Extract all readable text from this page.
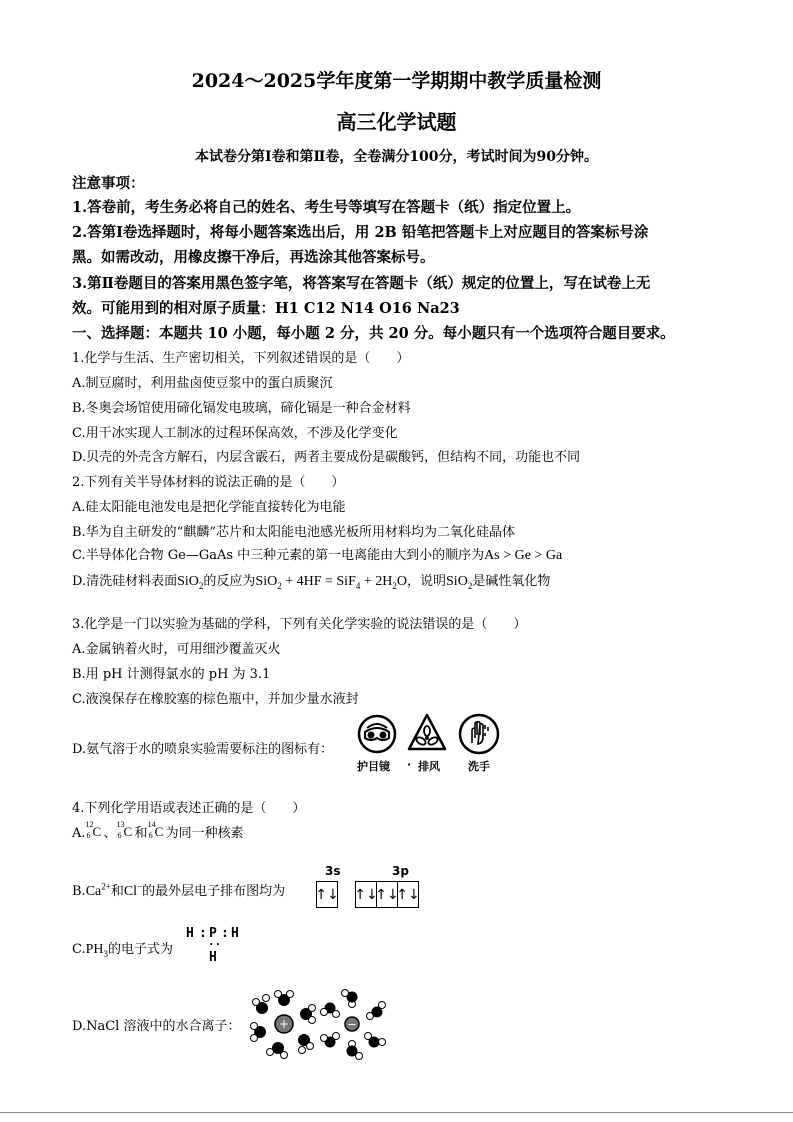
2024～2025学年度第一学期期中教学质量检测
高三化学试题
本试卷分第Ⅰ卷和第Ⅱ卷，全卷满分100分，考试时间为90分钟。
注意事项：
1.答卷前，考生务必将自己的姓名、考生号等填写在答题卡（纸）指定位置上。
2.答第Ⅰ卷选择题时，将每小题答案选出后，用 2B 铅笔把答题卡上对应题目的答案标号涂
黑。如需改动，用橡皮擦干净后，再选涂其他答案标号。
3.第Ⅱ卷题目的答案用黑色签字笔，将答案写在答题卡（纸）规定的位置上，写在试卷上无
效。可能用到的相对原子质量：H1 C12 N14 O16 Na23
一、选择题：本题共 10 小题，每小题 2 分，共 20 分。每小题只有一个选项符合题目要求。
1.化学与生活、生产密切相关，下列叙述错误的是（　　）
A.制豆腐时，利用盐卤使豆浆中的蛋白质聚沉
B.冬奥会场馆使用碲化镉发电玻璃，碲化镉是一种合金材料
C.用干冰实现人工制冰的过程环保高效，不涉及化学变化
D.贝壳的外壳含方解石，内层含霰石，两者主要成份是碳酸钙，但结构不同，功能也不同
2.下列有关半导体材料的说法正确的是（　　）
A.硅太阳能电池发电是把化学能直接转化为电能
B.华为自主研发的“麒麟”芯片和太阳能电池感光板所用材料均为二氧化硅晶体
C.半导体化合物 Ge—GaAs 中三种元素的第一电离能由大到小的顺序为As > Ge > Ga
D.清洗硅材料表面SiO$_2$的反应为$SiO_2 + 4HF = SiF_4 + 2H_2O$，说明SiO$_2$是碱性氧化物
3.化学是一门以实验为基础的学科，下列有关化学实验的说法错误的是（　　）
A.金属钠着火时，可用细沙覆盖灭火
B.用 pH 计测得氯水的 pH 为 3.1
C.液溴保存在橡胶塞的棕色瓶中，并加少量水液封
D.氨气溶于水的喷泉实验需要标注的图标有：
护目镜 · 排风	洗手
4.下列化学用语或表述正确的是（　　）
A.
12
6 C 、
13
6 C 和
14
6 C 为同一种核素
$B.Ca^{2+}$和Cl−的最外层电子排布图均为
3s	3p
↑↓ ↑↓
↑↓
↑↓
$C.PH_3$的电子式为
H : P : H
··
H
D.NaCl 溶液中的水合离子：	+	−
